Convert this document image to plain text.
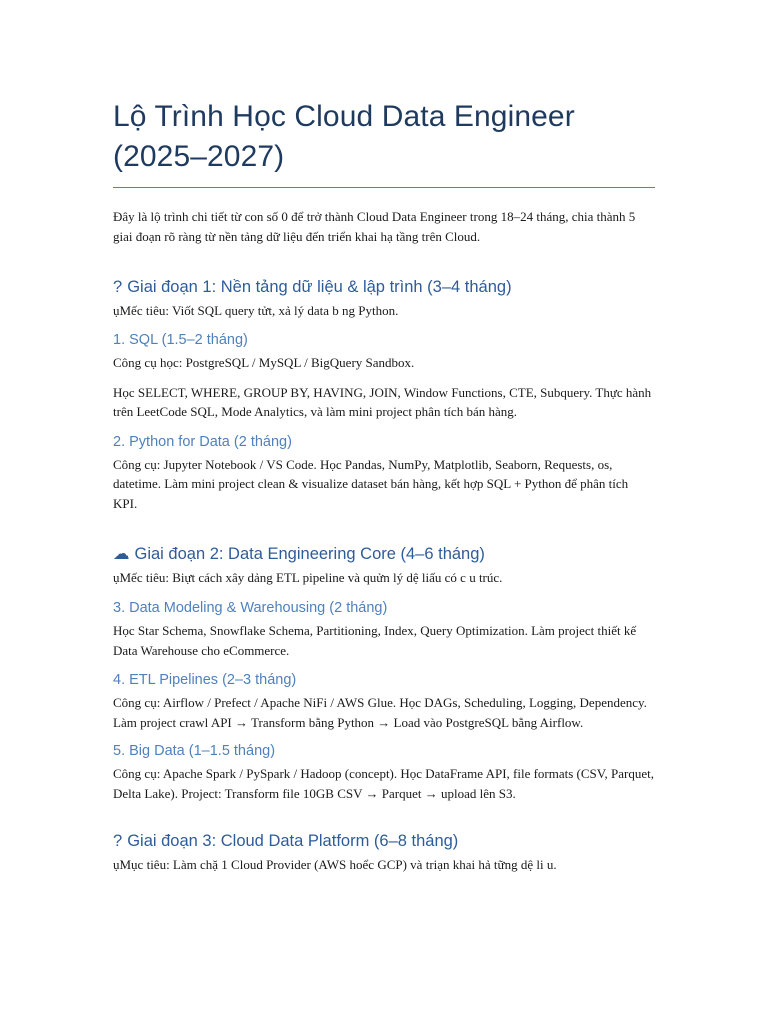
Lộ Trình Học Cloud Data Engineer (2025–2027)
Đây là lộ trình chi tiết từ con số 0 để trở thành Cloud Data Engineer trong 18–24 tháng, chia thành 5 giai đoạn rõ ràng từ nền tảng dữ liệu đến triển khai hạ tầng trên Cloud.
? Giai đoạn 1: Nền tảng dữ liệu & lập trình (3–4 tháng)
ụMếc tiêu: Viốt SQL query tửt, xả lý data b ng Python.
1. SQL (1.5–2 tháng)
Công cụ học: PostgreSQL / MySQL / BigQuery Sandbox.
Học SELECT, WHERE, GROUP BY, HAVING, JOIN, Window Functions, CTE, Subquery. Thực hành trên LeetCode SQL, Mode Analytics, và làm mini project phân tích bán hàng.
2. Python for Data (2 tháng)
Công cụ: Jupyter Notebook / VS Code. Học Pandas, NumPy, Matplotlib, Seaborn, Requests, os, datetime. Làm mini project clean & visualize dataset bán hàng, kết hợp SQL + Python để phân tích KPI.
☁ Giai đoạn 2: Data Engineering Core (4–6 tháng)
ụMếc tiêu: Biựt cách xây dảng ETL pipeline và quửn lý dệ liấu có c u trúc.
3. Data Modeling & Warehousing (2 tháng)
Học Star Schema, Snowflake Schema, Partitioning, Index, Query Optimization. Làm project thiết kế Data Warehouse cho eCommerce.
4. ETL Pipelines (2–3 tháng)
Công cụ: Airflow / Prefect / Apache NiFi / AWS Glue. Học DAGs, Scheduling, Logging, Dependency. Làm project crawl API → Transform bằng Python → Load vào PostgreSQL bằng Airflow.
5. Big Data (1–1.5 tháng)
Công cụ: Apache Spark / PySpark / Hadoop (concept). Học DataFrame API, file formats (CSV, Parquet, Delta Lake). Project: Transform file 10GB CSV → Parquet → upload lên S3.
? Giai đoạn 3: Cloud Data Platform (6–8 tháng)
ụMục tiêu: Làm chặ 1 Cloud Provider (AWS hoểc GCP) và triạn khai hả tững dệ li u.
